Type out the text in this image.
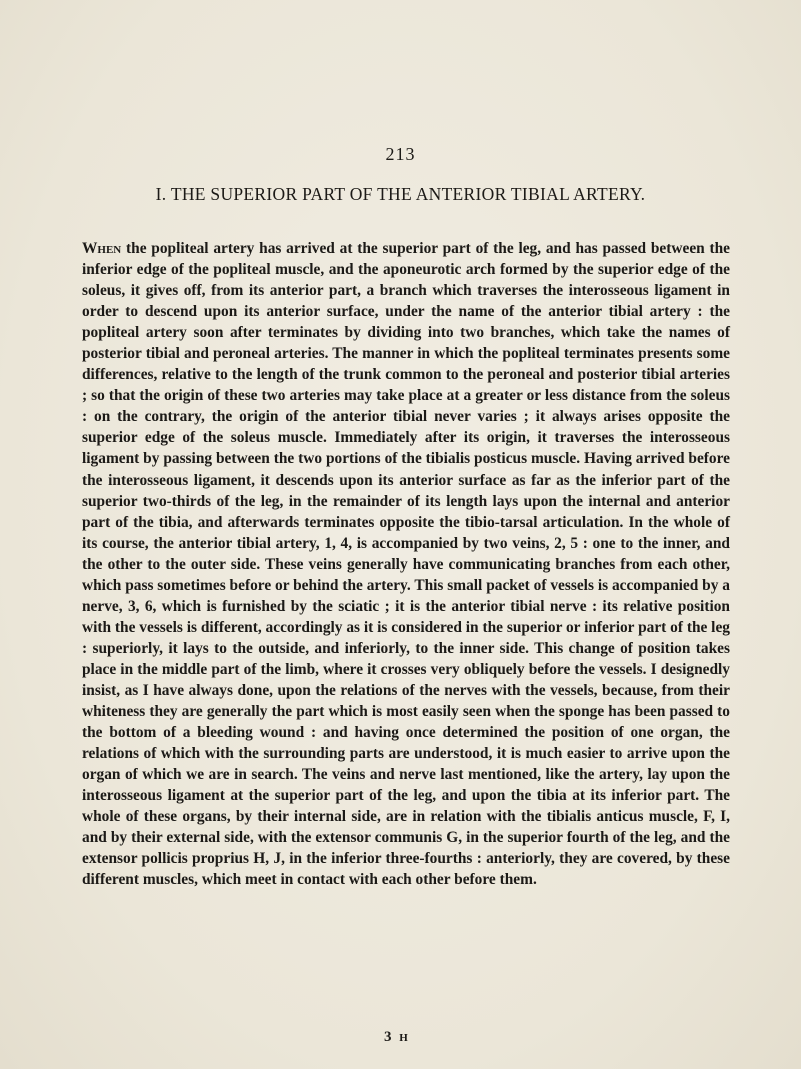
213
I. THE SUPERIOR PART OF THE ANTERIOR TIBIAL ARTERY.

When the popliteal artery has arrived at the superior part of the leg, and has passed between the inferior edge of the popliteal muscle, and the aponeurotic arch formed by the superior edge of the soleus, it gives off, from its anterior part, a branch which traverses the interosseous ligament in order to descend upon its anterior surface, under the name of the anterior tibial artery : the popliteal artery soon after terminates by dividing into two branches, which take the names of posterior tibial and peroneal arteries. The manner in which the popliteal terminates presents some differences, relative to the length of the trunk common to the peroneal and posterior tibial arteries ; so that the origin of these two arteries may take place at a greater or less distance from the soleus : on the contrary, the origin of the anterior tibial never varies ; it always arises opposite the superior edge of the soleus muscle. Immediately after its origin, it traverses the interosseous ligament by passing between the two portions of the tibialis posticus muscle. Having arrived before the interosseous ligament, it descends upon its anterior surface as far as the inferior part of the superior two-thirds of the leg, in the remainder of its length lays upon the internal and anterior part of the tibia, and afterwards terminates opposite the tibio-tarsal articulation. In the whole of its course, the anterior tibial artery, 1, 4, is accompanied by two veins, 2, 5 : one to the inner, and the other to the outer side. These veins generally have communicating branches from each other, which pass sometimes before or behind the artery. This small packet of vessels is accompanied by a nerve, 3, 6, which is furnished by the sciatic ; it is the anterior tibial nerve : its relative position with the vessels is different, accordingly as it is considered in the superior or inferior part of the leg : superiorly, it lays to the outside, and inferiorly, to the inner side. This change of position takes place in the middle part of the limb, where it crosses very obliquely before the vessels. I designedly insist, as I have always done, upon the relations of the nerves with the vessels, because, from their whiteness they are generally the part which is most easily seen when the sponge has been passed to the bottom of a bleeding wound : and having once determined the position of one organ, the relations of which with the surrounding parts are understood, it is much easier to arrive upon the organ of which we are in search. The veins and nerve last mentioned, like the artery, lay upon the interosseous ligament at the superior part of the leg, and upon the tibia at its inferior part. The whole of these organs, by their internal side, are in relation with the tibialis anticus muscle, F, I, and by their external side, with the extensor communis G, in the superior fourth of the leg, and the extensor pollicis proprius H, J, in the inferior three-fourths : anteriorly, they are covered, by these different muscles, which meet in contact with each other before them.

3 H
